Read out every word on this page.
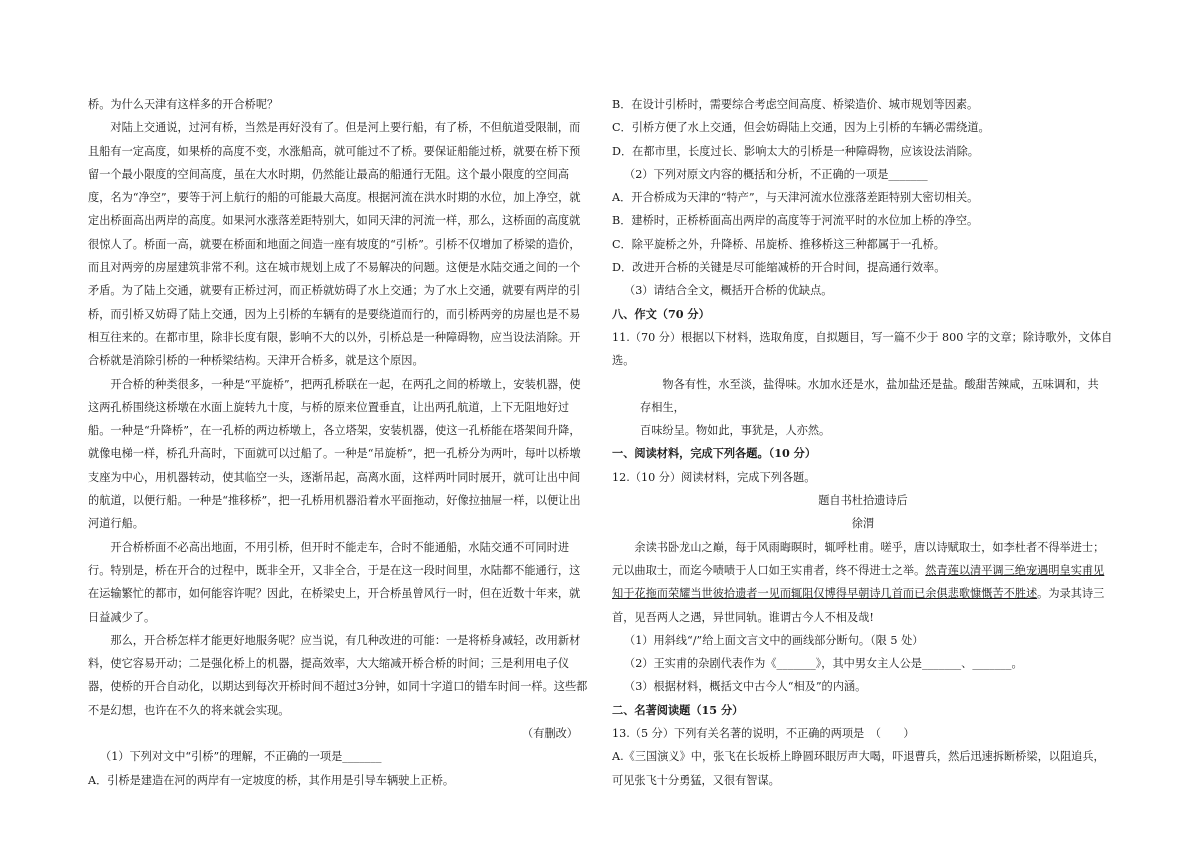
桥。为什么天津有这样多的开合桥呢？

对陆上交通说，过河有桥，当然是再好没有了。但是河上要行船，有了桥，不但航道受限制，而且船有一定高度，如果桥的高度不变，水涨船高，就可能过不了桥。要保证船能过桥，就要在桥下预留一个最小限度的空间高度，虽在大水时期，仍然能让最高的船通行无阻。这个最小限度的空间高度，名为“净空”，要等于河上航行的船的可能最大高度。根据河流在洪水时期的水位，加上净空，就定出桥面高出两岸的高度。如果河水涨落差距特别大，如同天津的河流一样，那么，这桥面的高度就很惊人了。桥面一高，就要在桥面和地面之间造一座有坡度的“引桥”。引桥不仅增加了桥梁的造价，而且对两旁的房屋建筑非常不利。这在城市规划上成了不易解决的问题。这便是水陆交通之间的一个矛盾。为了陆上交通，就要有正桥过河，而正桥就妨碍了水上交通；为了水上交通，就要有两岸的引桥，而引桥又妨碍了陆上交通，因为上引桥的车辆有的是要绕道而行的，而引桥两旁的房屋也是不易相互往来的。在都市里，除非长度有限，影响不大的以外，引桥总是一种障碍物，应当设法消除。开合桥就是消除引桥的一种桥梁结构。天津开合桥多，就是这个原因。

开合桥的种类很多，一种是“平旋桥”，把两孔桥联在一起，在两孔之间的桥墩上，安装机器，使这两孔桥围绕这桥墩在水面上旋转九十度，与桥的原来位置垂直，让出两孔航道，上下无阻地好过船。一种是“升降桥”，在一孔桥的两边桥墩上，各立塔架，安装机器，使这一孔桥能在塔架间升降，就像电梯一样，桥孔升高时，下面就可以过船了。一种是“吊旋桥”，把一孔桥分为两叶，每叶以桥墩支座为中心，用机器转动，使其临空一头，逐渐吊起，高离水面，这样两叶同时展开，就可让出中间的航道，以便行船。一种是“推移桥”，把一孔桥用机器沿着水平面拖动，好像拉抽屉一样，以便让出河道行船。

开合桥桥面不必高出地面，不用引桥，但开时不能走车，合时不能通船，水陆交通不可同时进行。特别是，桥在开合的过程中，既非全开，又非全合，于是在这一段时间里，水陆都不能通行，这在运输繁忙的都市，如何能容许呢？因此，在桥梁史上，开合桥虽曾风行一时，但在近数十年来，就日益减少了。

那么，开合桥怎样才能更好地服务呢？应当说，有几种改进的可能：一是将桥身减轻，改用新材料，使它容易开动；二是强化桥上的机器，提高效率，大大缩减开桥合桥的时间；三是利用电子仪器，使桥的开合自动化，以期达到每次开桥时间不超过3分钟，如同十字道口的错车时间一样。这些都不是幻想，也许在不久的将来就会实现。

（有删改）

（1）下列对文中“引桥”的理解，不正确的一项是_______

A．引桥是建造在河的两岸有一定坡度的桥，其作用是引导车辆驶上正桥。

B．在设计引桥时，需要综合考虑空间高度、桥梁造价、城市规划等因素。

C．引桥方便了水上交通，但会妨碍陆上交通，因为上引桥的车辆必需绕道。

D．在都市里，长度过长、影响太大的引桥是一种障碍物，应该设法消除。

（2）下列对原文内容的概括和分析，不正确的一项是_______

A．开合桥成为天津的“特产”，与天津河流水位涨落差距特别大密切相关。

B．建桥时，正桥桥面高出两岸的高度等于河流平时的水位加上桥的净空。

C．除平旋桥之外，升降桥、吊旋桥、推移桥这三种都属于一孔桥。

D．改进开合桥的关键是尽可能缩减桥的开合时间，提高通行效率。

（3）请结合全文，概括开合桥的优缺点。

八、作文（70 分）

11.（70 分）根据以下材料，选取角度，自拟题目，写一篇不少于 800 字的文章；除诗歌外，文体自选。

物各有性，水至淡，盐得味。水加水还是水，盐加盐还是盐。酸甜苦辣咸，五味调和，共存相生，

百味纷呈。物如此，事犹是，人亦然。

一、阅读材料，完成下列各题。（10 分）

12.（10 分）阅读材料，完成下列各题。

题自书杜拾遗诗后

徐渭

余读书卧龙山之巅，每于风雨晦暝时，辄呼杜甫。嗟乎，唐以诗赋取士，如李杜者不得举进士；元以曲取士，而迄今啧啧于人口如王实甫者，终不得进士之举。然青莲以清平调三绝宠遇明皇实甫见知于花拖而荣耀当世彼拾遗者一见而辄阻仅博得早朝诗几首而已余俱悲歌慷慨苦不胜述。为录其诗三首，见吾两人之遇，异世同轨。谁谓古今人不相及哉!

（1）用斜线“/”给上面文言文中的画线部分断句。（限 5 处）

（2）王实甫的杂剧代表作为《_______》，其中男女主人公是_______、_______。

（3）根据材料，概括文中古今人“相及”的内涵。

二、名著阅读题（15 分）

13.（5 分）下列有关名著的说明，不正确的两项是　（　　）

A.《三国演义》中，张飞在长坂桥上睁圆环眼厉声大喝，吓退曹兵，然后迅速拆断桥梁，以阻追兵，可见张飞十分勇猛，又很有智谋。
